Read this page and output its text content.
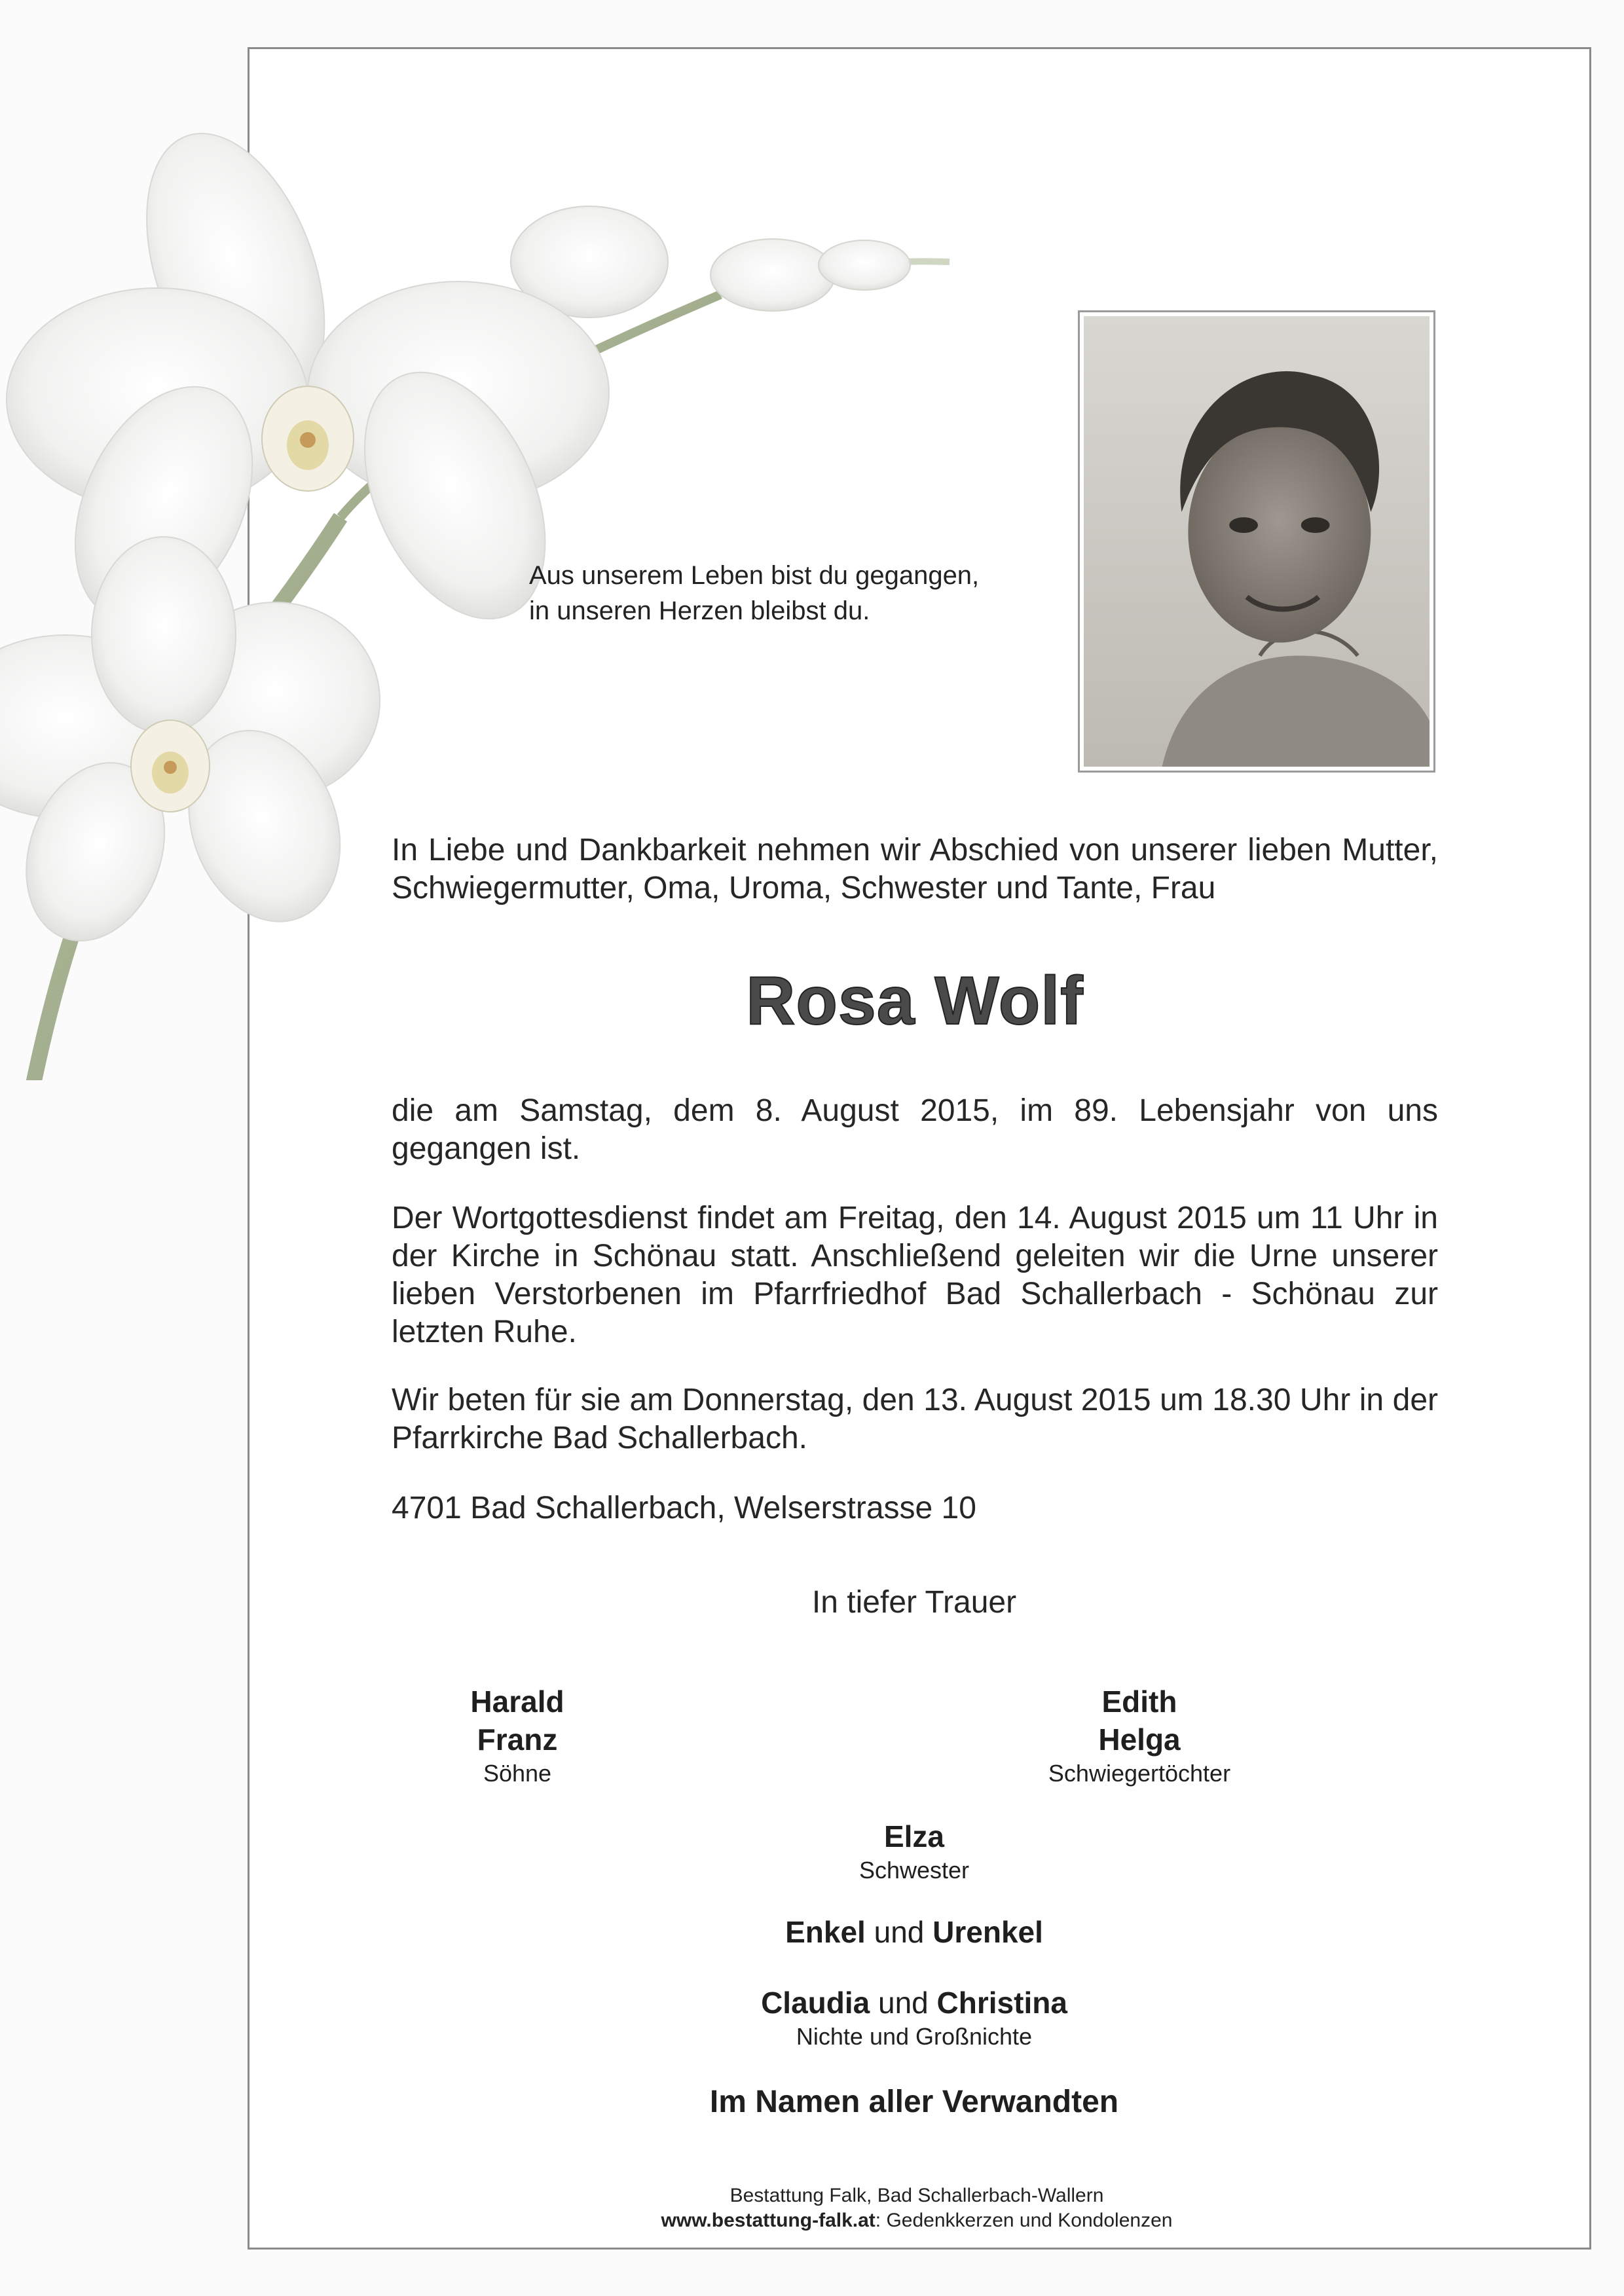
Aus unserem Leben bist du gegangen,
in unseren Herzen bleibst du.
In Liebe und Dankbarkeit nehmen wir Abschied von unserer lieben Mutter, Schwiegermutter, Oma, Uroma, Schwester und Tante, Frau
Rosa Wolf
die am Samstag, dem 8. August 2015, im 89. Lebensjahr von uns gegangen ist.
Der Wortgottesdienst findet am Freitag, den 14. August 2015 um 11 Uhr in der Kirche in Schönau statt. Anschließend geleiten wir die Urne unserer lieben Verstorbenen im Pfarrfriedhof Bad Schallerbach - Schönau zur letzten Ruhe.
Wir beten für sie am Donnerstag, den 13. August 2015 um 18.30 Uhr in der Pfarrkirche Bad Schallerbach.
4701 Bad Schallerbach, Welserstrasse 10
In tiefer Trauer
Harald
Franz
Söhne
Edith
Helga
Schwiegertöchter
Elza
Schwester
Enkel und Urenkel
Claudia und Christina
Nichte und Großnichte
Im Namen aller Verwandten
Bestattung Falk, Bad Schallerbach-Wallern
www.bestattung-falk.at: Gedenkkerzen und Kondolenzen
